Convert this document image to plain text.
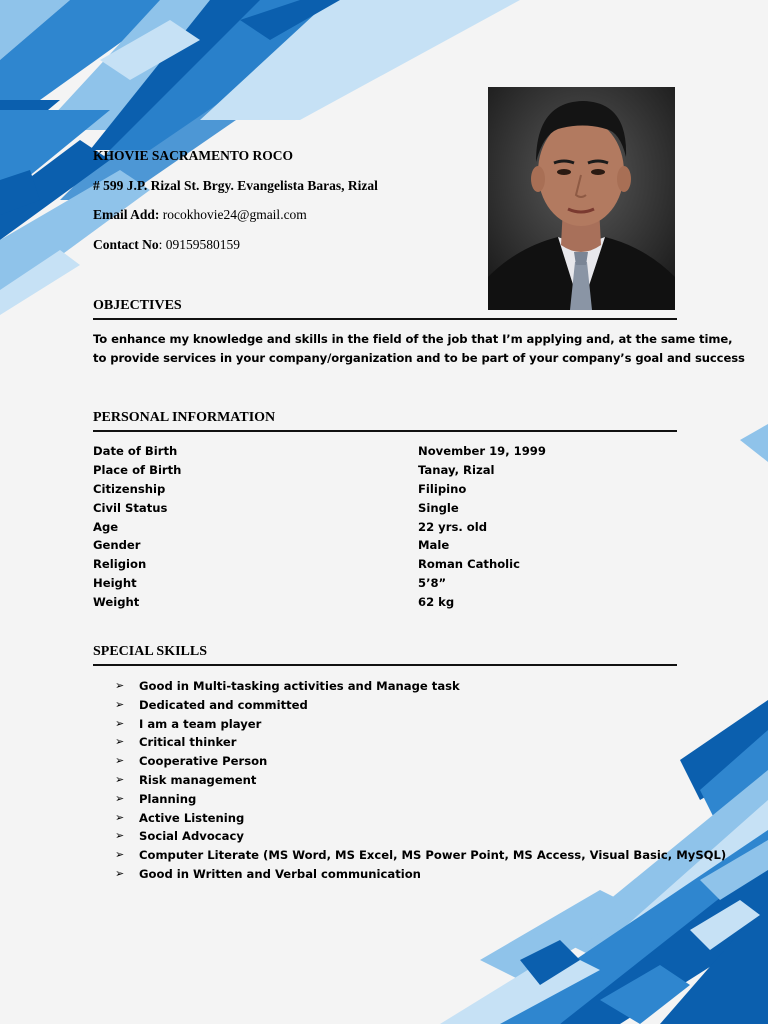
KHOVIE SACRAMENTO ROCO
# 599 J.P. Rizal St. Brgy. Evangelista Baras, Rizal
Email Add: rocokhovie24@gmail.com
Contact No: 09159580159
OBJECTIVES
To enhance my knowledge and skills in the field of the job that I’m applying and, at the same time,
to provide services in your company/organization and to be part of your company’s goal and success
PERSONAL INFORMATION
Date of Birth	November 19, 1999
Place of Birth	Tanay, Rizal
Citizenship	Filipino
Civil Status	Single
Age	22 yrs. old
Gender	Male
Religion	Roman Catholic
Height	5’8”
Weight	62 kg
SPECIAL SKILLS
➢	Good in Multi-tasking activities and Manage task
➢	Dedicated and committed
➢	I am a team player
➢	Critical thinker
➢	Cooperative Person
➢	Risk management
➢	Planning
➢	Active Listening
➢	Social Advocacy
➢	Computer Literate (MS Word, MS Excel, MS Power Point, MS Access, Visual Basic, MySQL)
➢	Good in Written and Verbal communication
